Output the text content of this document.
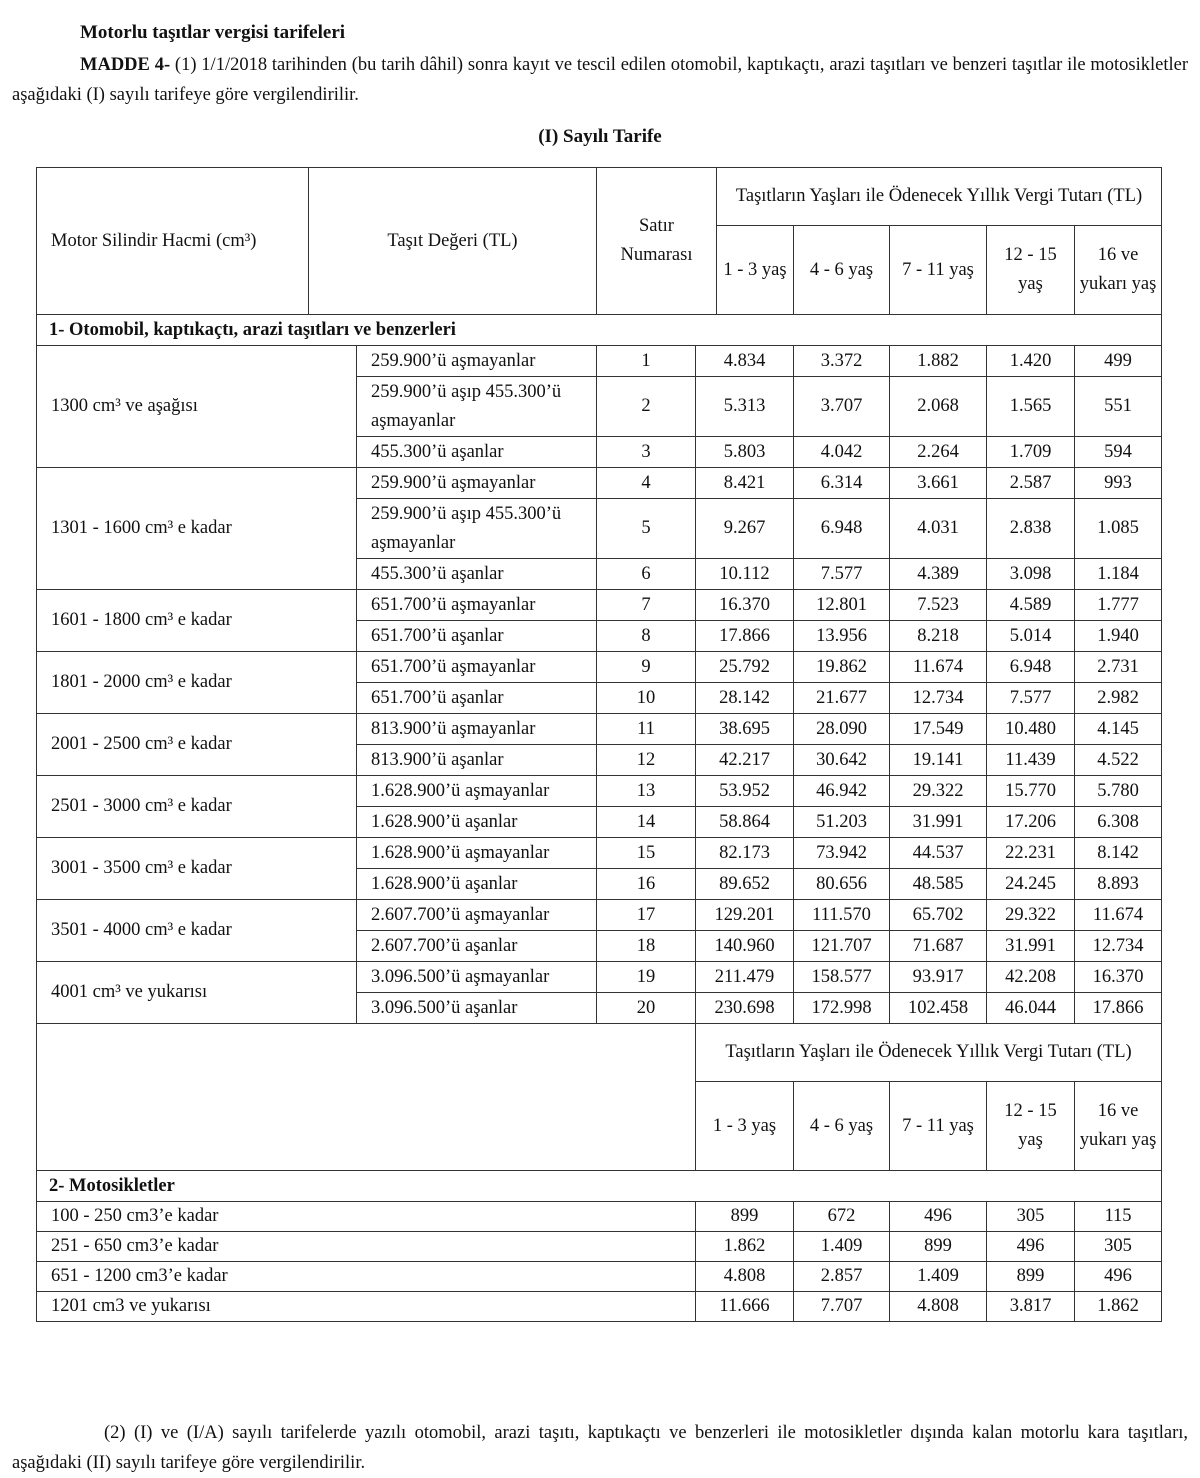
Motorlu taşıtlar vergisi tarifeleri
MADDE 4- (1) 1/1/2018 tarihinden (bu tarih dâhil) sonra kayıt ve tescil edilen otomobil, kaptıkaçtı, arazi taşıtları ve benzeri taşıtlar ile motosikletler aşağıdaki (I) sayılı tarifeye göre vergilendirilir.
(I) Sayılı Tarife
Motor Silindir Hacmi (cm³)	Taşıt Değeri (TL)		Satır Numarası		Taşıtların Yaşları ile Ödenecek Yıllık Vergi Tutarı (TL)				
					1 - 3 yaş	4 - 6 yaş	7 - 11 yaş	12 - 15 yaş	16 ve yukarı yaş
1- Otomobil, kaptıkaçtı, arazi taşıtları ve benzerleri									
1300 cm³ ve aşağısı		259.900’ü aşmayanlar	1	4.834		3.372	1.882	1.420	499
		259.900’ü aşıp 455.300’ü aşmayanlar	2	5.313		3.707	2.068	1.565	551
		455.300’ü aşanlar	3	5.803		4.042	2.264	1.709	594
1301 - 1600 cm³ e kadar		259.900’ü aşmayanlar	4	8.421		6.314	3.661	2.587	993
		259.900’ü aşıp 455.300’ü aşmayanlar	5	9.267		6.948	4.031	2.838	1.085
		455.300’ü aşanlar	6	10.112		7.577	4.389	3.098	1.184
1601 - 1800 cm³ e kadar		651.700’ü aşmayanlar	7	16.370		12.801	7.523	4.589	1.777
		651.700’ü aşanlar	8	17.866		13.956	8.218	5.014	1.940
1801 - 2000 cm³ e kadar		651.700’ü aşmayanlar	9	25.792		19.862	11.674	6.948	2.731
		651.700’ü aşanlar	10	28.142		21.677	12.734	7.577	2.982
2001 - 2500 cm³ e kadar		813.900’ü aşmayanlar	11	38.695		28.090	17.549	10.480	4.145
		813.900’ü aşanlar	12	42.217		30.642	19.141	11.439	4.522
2501 - 3000 cm³ e kadar		1.628.900’ü aşmayanlar	13	53.952		46.942	29.322	15.770	5.780
		1.628.900’ü aşanlar	14	58.864		51.203	31.991	17.206	6.308
3001 - 3500 cm³ e kadar		1.628.900’ü aşmayanlar	15	82.173		73.942	44.537	22.231	8.142
		1.628.900’ü aşanlar	16	89.652		80.656	48.585	24.245	8.893
3501 - 4000 cm³ e kadar		2.607.700’ü aşmayanlar	17	129.201		111.570	65.702	29.322	11.674
		2.607.700’ü aşanlar	18	140.960		121.707	71.687	31.991	12.734
4001 cm³ ve yukarısı		3.096.500’ü aşmayanlar	19	211.479		158.577	93.917	42.208	16.370
		3.096.500’ü aşanlar	20	230.698		172.998	102.458	46.044	17.866
				Taşıtların Yaşları ile Ödenecek Yıllık Vergi Tutarı (TL)					
				1 - 3 yaş		4 - 6 yaş	7 - 11 yaş	12 - 15 yaş	16 ve yukarı yaş
2- Motosikletler									
100 - 250 cm3’e kadar				899		672	496	305	115
251 - 650 cm3’e kadar				1.862		1.409	899	496	305
651 - 1200 cm3’e kadar				4.808		2.857	1.409	899	496
1201 cm3 ve yukarısı				11.666		7.707	4.808	3.817	1.862
(2) (I) ve (I/A) sayılı tarifelerde yazılı otomobil, arazi taşıtı, kaptıkaçtı ve benzerleri ile motosikletler dışında kalan motorlu kara taşıtları, aşağıdaki (II) sayılı tarifeye göre vergilendirilir.
